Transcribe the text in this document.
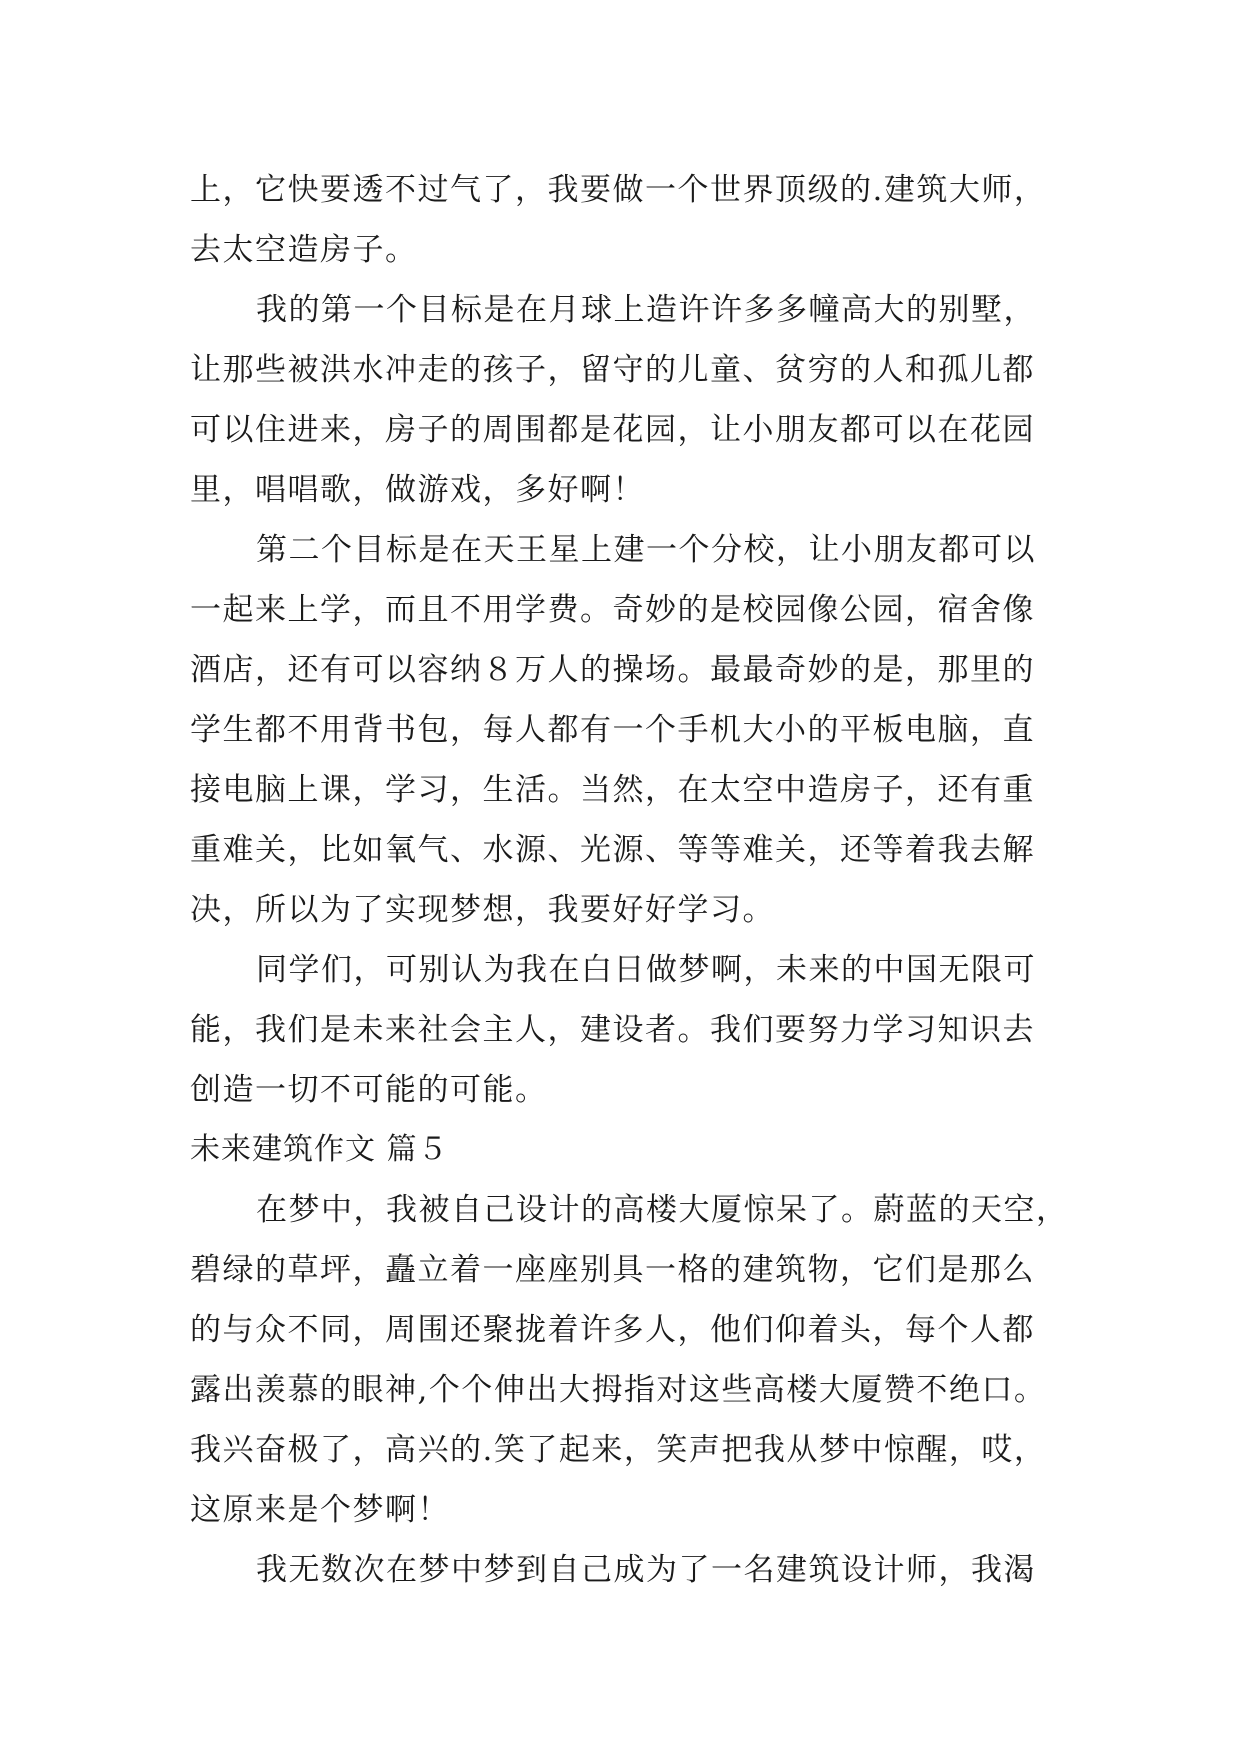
上，它快要透不过气了，我要做一个世界顶级的.建筑大师，
去太空造房子。
我的第一个目标是在月球上造许许多多幢高大的别墅，
让那些被洪水冲走的孩子，留守的儿童、贫穷的人和孤儿都
可以住进来，房子的周围都是花园，让小朋友都可以在花园
里，唱唱歌，做游戏，多好啊！
第二个目标是在天王星上建一个分校，让小朋友都可以
一起来上学，而且不用学费。奇妙的是校园像公园，宿舍像
酒店，还有可以容纳８万人的操场。最最奇妙的是，那里的
学生都不用背书包，每人都有一个手机大小的平板电脑，直
接电脑上课，学习，生活。当然，在太空中造房子，还有重
重难关，比如氧气、水源、光源、等等难关，还等着我去解
决，所以为了实现梦想，我要好好学习。
同学们，可别认为我在白日做梦啊，未来的中国无限可
能，我们是未来社会主人，建设者。我们要努力学习知识去
创造一切不可能的可能。
未来建筑作文 篇５
在梦中，我被自己设计的高楼大厦惊呆了。蔚蓝的天空，
碧绿的草坪，矗立着一座座别具一格的建筑物，它们是那么
的与众不同，周围还聚拢着许多人，他们仰着头，每个人都
露出羡慕的眼神,个个伸出大拇指对这些高楼大厦赞不绝口。
我兴奋极了，高兴的.笑了起来，笑声把我从梦中惊醒，哎，
这原来是个梦啊！
我无数次在梦中梦到自己成为了一名建筑设计师，我渴
